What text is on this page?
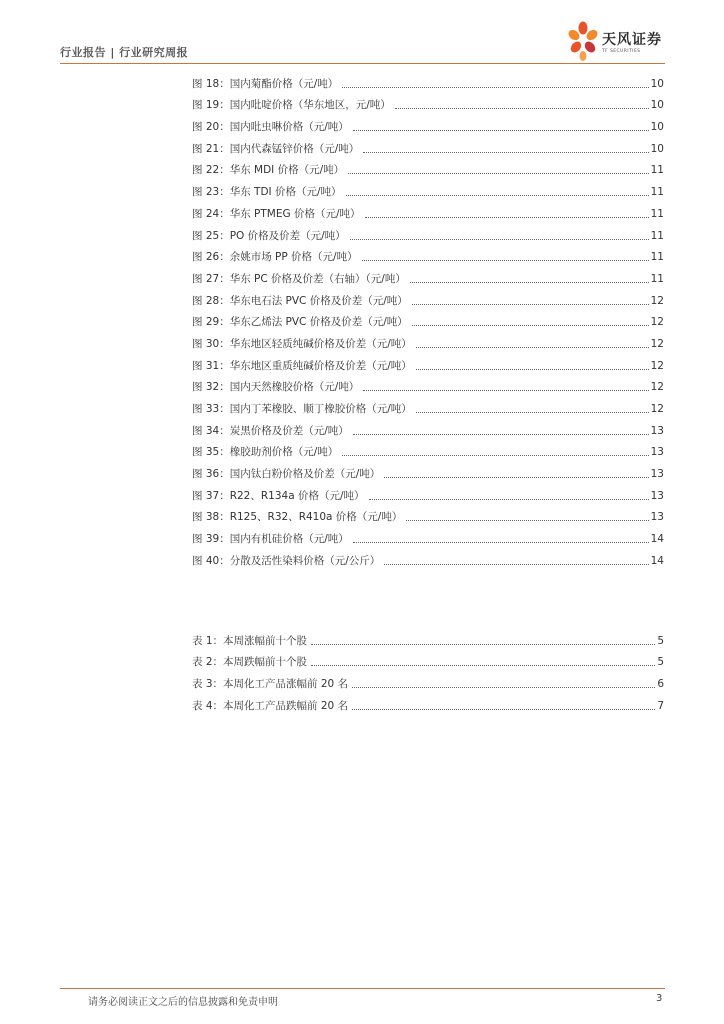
行业报告 | 行业研究周报
天风证券
TF SECURITIES
图 18：国内菊酯价格（元/吨）	10
图 19：国内吡啶价格（华东地区，元/吨）	10
图 20：国内吡虫啉价格（元/吨）	10
图 21：国内代森锰锌价格（元/吨）	10
图 22：华东 MDI 价格（元/吨）	11
图 23：华东 TDI 价格（元/吨）	11
图 24：华东 PTMEG 价格（元/吨）	11
图 25：PO 价格及价差（元/吨）	11
图 26：余姚市场 PP 价格（元/吨）	11
图 27：华东 PC 价格及价差（右轴）（元/吨）	11
图 28：华东电石法 PVC 价格及价差（元/吨）	12
图 29：华东乙烯法 PVC 价格及价差（元/吨）	12
图 30：华东地区轻质纯碱价格及价差（元/吨）	12
图 31：华东地区重质纯碱价格及价差（元/吨）	12
图 32：国内天然橡胶价格（元/吨）	12
图 33：国内丁苯橡胶、顺丁橡胶价格（元/吨）	12
图 34：炭黑价格及价差（元/吨）	13
图 35：橡胶助剂价格（元/吨）	13
图 36：国内钛白粉价格及价差（元/吨）	13
图 37：R22、R134a 价格（元/吨）	13
图 38：R125、R32、R410a 价格（元/吨）	13
图 39：国内有机硅价格（元/吨）	14
图 40：分散及活性染料价格（元/公斤）	14
表 1：本周涨幅前十个股	5
表 2：本周跌幅前十个股	5
表 3：本周化工产品涨幅前 20 名	6
表 4：本周化工产品跌幅前 20 名	7
请务必阅读正文之后的信息披露和免责申明	3
